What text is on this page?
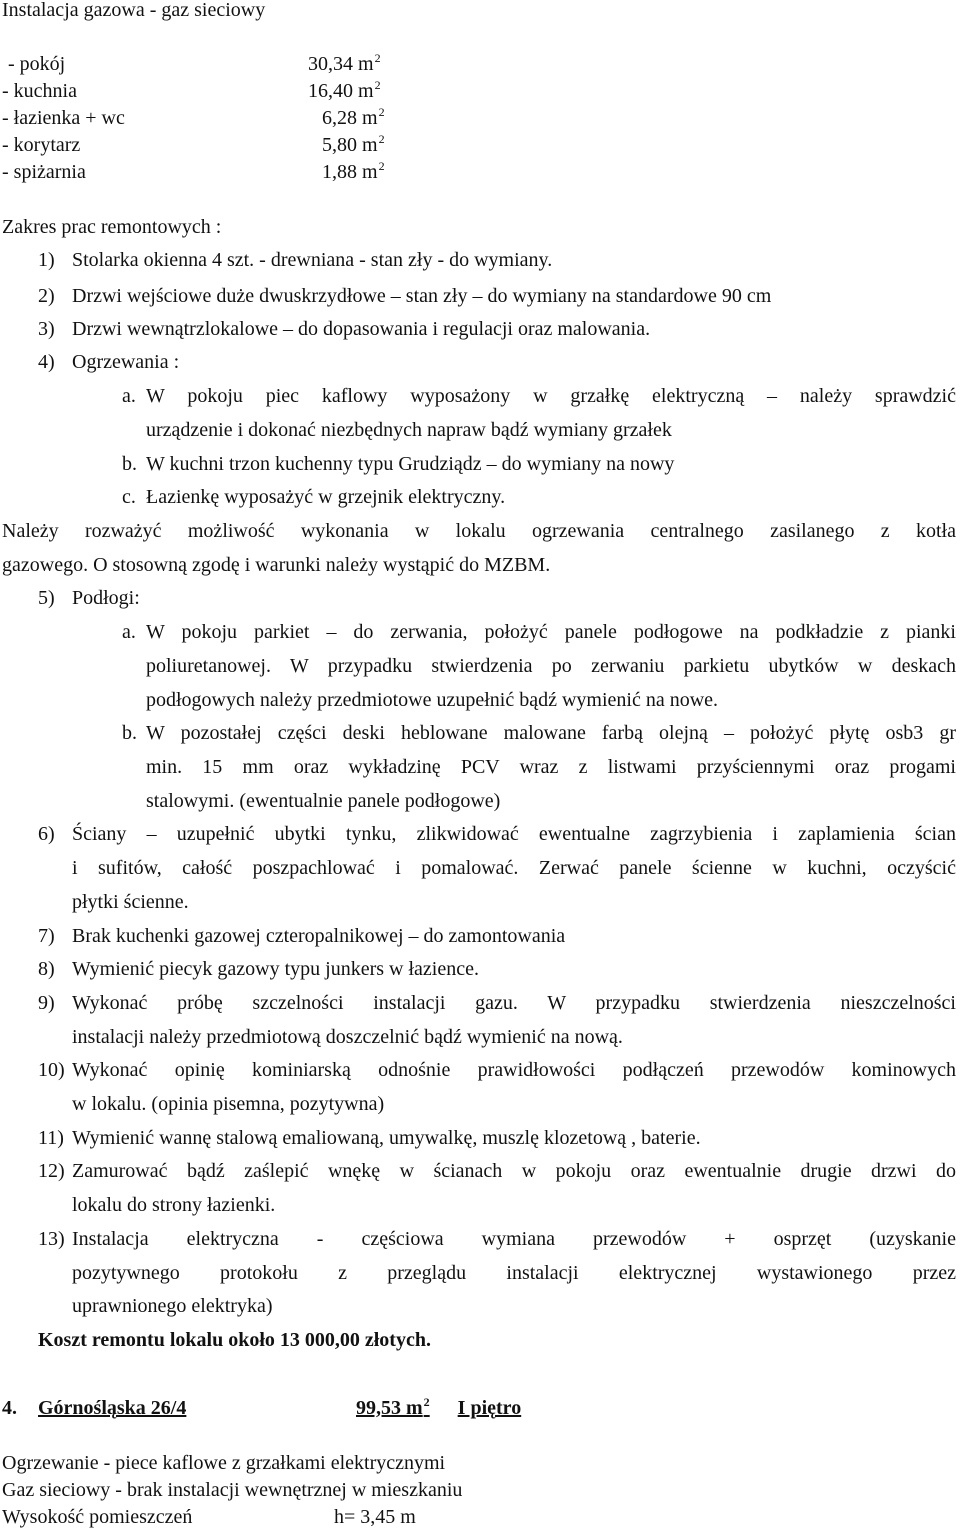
Instalacja gazowa - gaz sieciowy
- pokój	30,34 $m^2$
- kuchnia	16,40 $m^2$
- łazienka + wc	6,28 $m^2$
- korytarz	5,80 $m^2$
- spiżarnia	1,88 $m^2$
Zakres prac remontowych :
1) Stolarka okienna 4 szt. - drewniana - stan zły - do wymiany.
2) Drzwi wejściowe duże dwuskrzydłowe – stan zły – do wymiany na standardowe 90 cm
3) Drzwi wewnątrzlokalowe – do dopasowania i regulacji oraz malowania.
4) Ogrzewania :
a. W pokoju piec kaflowy wyposażony w grzałkę elektryczną – należy sprawdzić
urządzenie i dokonać niezbędnych napraw bądź wymiany grzałek
b. W kuchni trzon kuchenny typu Grudziądz – do wymiany na nowy
c. Łazienkę wyposażyć w grzejnik elektryczny.
Należy rozważyć możliwość wykonania w lokalu ogrzewania centralnego zasilanego z kotła
gazowego. O stosowną zgodę i warunki należy wystąpić do MZBM.
5) Podłogi:
a. W pokoju parkiet – do zerwania, położyć panele podłogowe na podkładzie z pianki
poliuretanowej. W przypadku stwierdzenia po zerwaniu parkietu ubytków w deskach
podłogowych należy przedmiotowe uzupełnić bądź wymienić na nowe.
b. W pozostałej części deski heblowane malowane farbą olejną – położyć płytę osb3 gr
min. 15 mm oraz wykładzinę PCV wraz z listwami przyściennymi oraz progami
stalowymi. (ewentualnie panele podłogowe)
6) Ściany – uzupełnić ubytki tynku, zlikwidować ewentualne zagrzybienia i zaplamienia ścian
i sufitów, całość poszpachlować i pomalować. Zerwać panele ścienne w kuchni, oczyścić
płytki ścienne.
7) Brak kuchenki gazowej czteropalnikowej – do zamontowania
8) Wymienić piecyk gazowy typu junkers w łazience.
9) Wykonać próbę szczelności instalacji gazu. W przypadku stwierdzenia nieszczelności
instalacji należy przedmiotową doszczelnić bądź wymienić na nową.
10) Wykonać opinię kominiarską odnośnie prawidłowości podłączeń przewodów kominowych
w lokalu. (opinia pisemna, pozytywna)
11) Wymienić wannę stalową emaliowaną, umywalkę, muszlę klozetową , baterie.
12) Zamurować bądź zaślepić wnękę w ścianach w pokoju oraz ewentualnie drugie drzwi do
lokalu do strony łazienki.
13) Instalacja elektryczna - częściowa wymiana przewodów + osprzęt (uzyskanie
pozytywnego protokołu z przeglądu instalacji elektrycznej wystawionego przez
uprawnionego elektryka)
Koszt remontu lokalu około 13 000,00 złotych.
4. Górnośląska 26/4	99,53 $m^2$ I piętro
Ogrzewanie - piece kaflowe z grzałkami elektrycznymi
Gaz sieciowy - brak instalacji wewnętrznej w mieszkaniu
Wysokość pomieszczeń	h= 3,45 m
